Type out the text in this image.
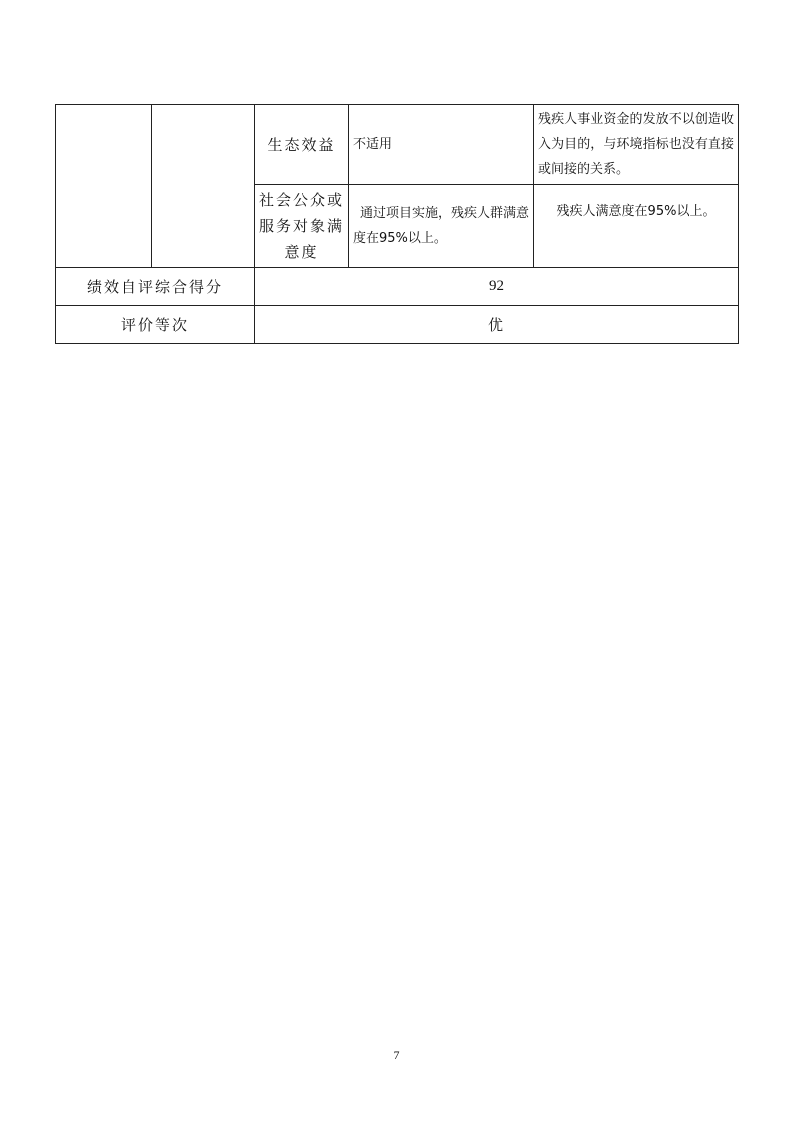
		生态效益	不适用	残疾人事业资金的发放不以创造收入为目的，与环境指标也没有直接或间接的关系。
		社会公众或服务对象满意度	通过项目实施，残疾人群满意度在95%以上。	残疾人满意度在95%以上。
绩效自评综合得分		92		
评价等次		优		
7
